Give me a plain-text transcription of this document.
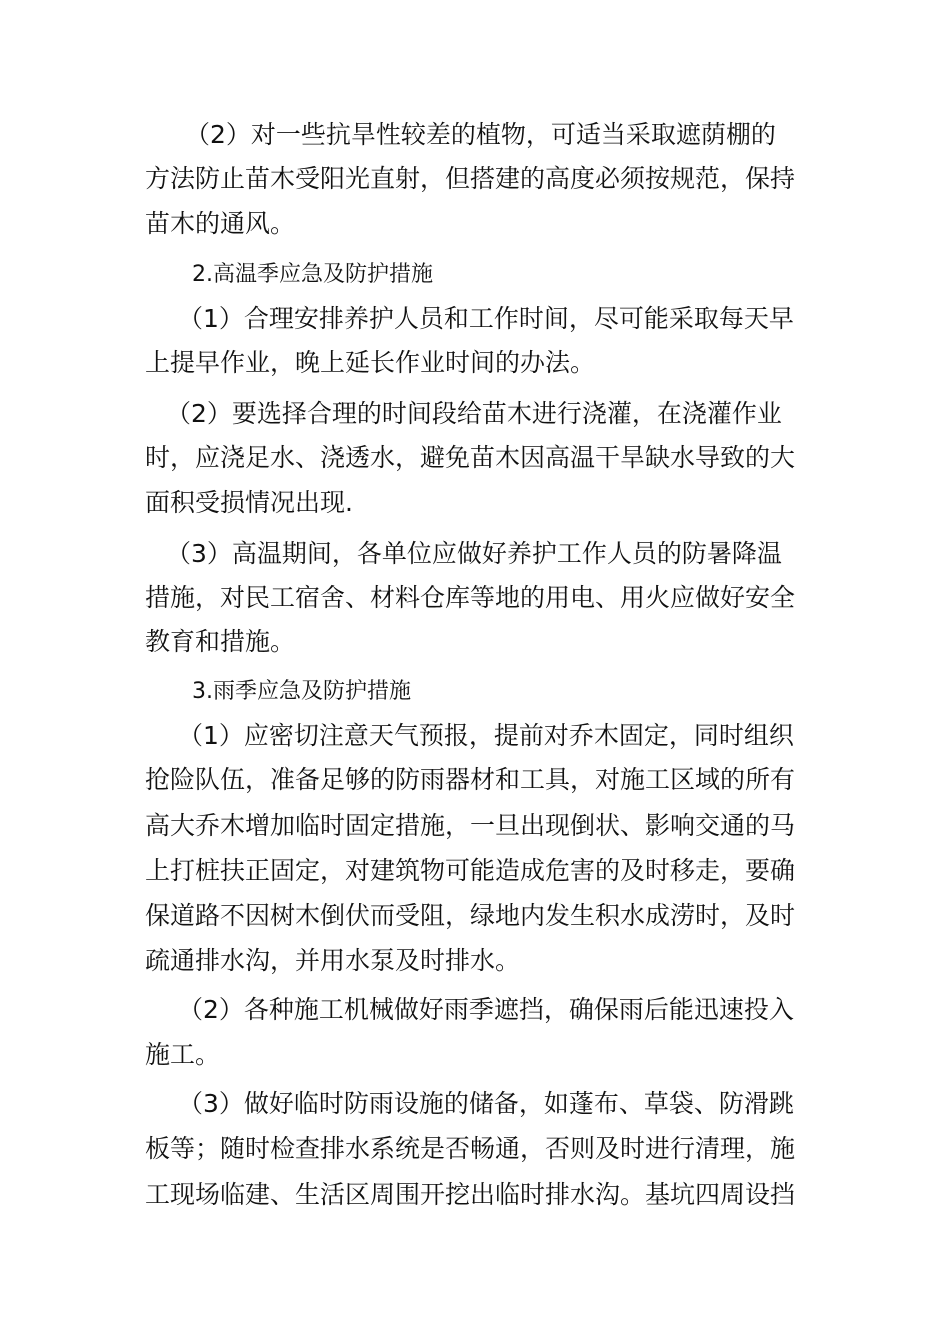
（2）对一些抗旱性较差的植物，可适当采取遮荫棚的
方法防止苗木受阳光直射，但搭建的高度必须按规范，保持
苗木的通风。
2.高温季应急及防护措施
（1）合理安排养护人员和工作时间，尽可能采取每天早
上提早作业，晚上延长作业时间的办法。
（2）要选择合理的时间段给苗木进行浇灌，在浇灌作业
时，应浇足水、浇透水，避免苗木因高温干旱缺水导致的大
面积受损情况出现.
（3）高温期间，各单位应做好养护工作人员的防暑降温
措施，对民工宿舍、材料仓库等地的用电、用火应做好安全
教育和措施。
3.雨季应急及防护措施
（1）应密切注意天气预报，提前对乔木固定，同时组织
抢险队伍，准备足够的防雨器材和工具，对施工区域的所有
高大乔木增加临时固定措施，一旦出现倒状、影响交通的马
上打桩扶正固定，对建筑物可能造成危害的及时移走，要确
保道路不因树木倒伏而受阻，绿地内发生积水成涝时，及时
疏通排水沟，并用水泵及时排水。
（2）各种施工机械做好雨季遮挡，确保雨后能迅速投入
施工。
（3）做好临时防雨设施的储备，如蓬布、草袋、防滑跳
板等；随时检查排水系统是否畅通，否则及时进行清理，施
工现场临建、生活区周围开挖出临时排水沟。基坑四周设挡
